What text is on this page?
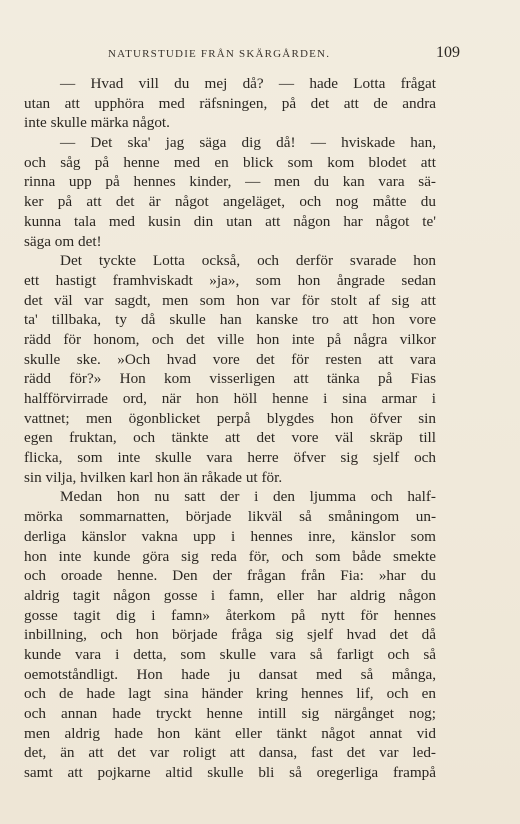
NATURSTUDIE FRÅN SKÄRGÅRDEN.	109
— Hvad vill du mej då? — hade Lotta frågat
utan att upphöra med räfsningen, på det att de andra
inte skulle märka något.
— Det ska' jag säga dig då! — hviskade han,
och såg på henne med en blick som kom blodet att
rinna upp på hennes kinder, — men du kan vara sä-
ker på att det är något angeläget, och nog måtte du
kunna tala med kusin din utan att någon har något te'
säga om det!
Det tyckte Lotta också, och derför svarade hon
ett hastigt framhviskadt »ja», som hon ångrade sedan
det väl var sagdt, men som hon var för stolt af sig att
ta' tillbaka, ty då skulle han kanske tro att hon vore
rädd för honom, och det ville hon inte på några vilkor
skulle ske. »Och hvad vore det för resten att vara
rädd för?» Hon kom visserligen att tänka på Fias
halfförvirrade ord, när hon höll henne i sina armar i
vattnet; men ögonblicket perpå blygdes hon öfver sin
egen fruktan, och tänkte att det vore väl skräp till
flicka, som inte skulle vara herre öfver sig sjelf och
sin vilja, hvilken karl hon än råkade ut för.
Medan hon nu satt der i den ljumma och half-
mörka sommarnatten, började likväl så småningom un-
derliga känslor vakna upp i hennes inre, känslor som
hon inte kunde göra sig reda för, och som både smekte
och oroade henne. Den der frågan från Fia: »har du
aldrig tagit någon gosse i famn, eller har aldrig någon
gosse tagit dig i famn» återkom på nytt för hennes
inbillning, och hon började fråga sig sjelf hvad det då
kunde vara i detta, som skulle vara så farligt och så
oemotståndligt. Hon hade ju dansat med så många,
och de hade lagt sina händer kring hennes lif, och en
och annan hade tryckt henne intill sig närgånget nog;
men aldrig hade hon känt eller tänkt något annat vid
det, än att det var roligt att dansa, fast det var led-
samt att pojkarne altid skulle bli så oregerliga frampå
